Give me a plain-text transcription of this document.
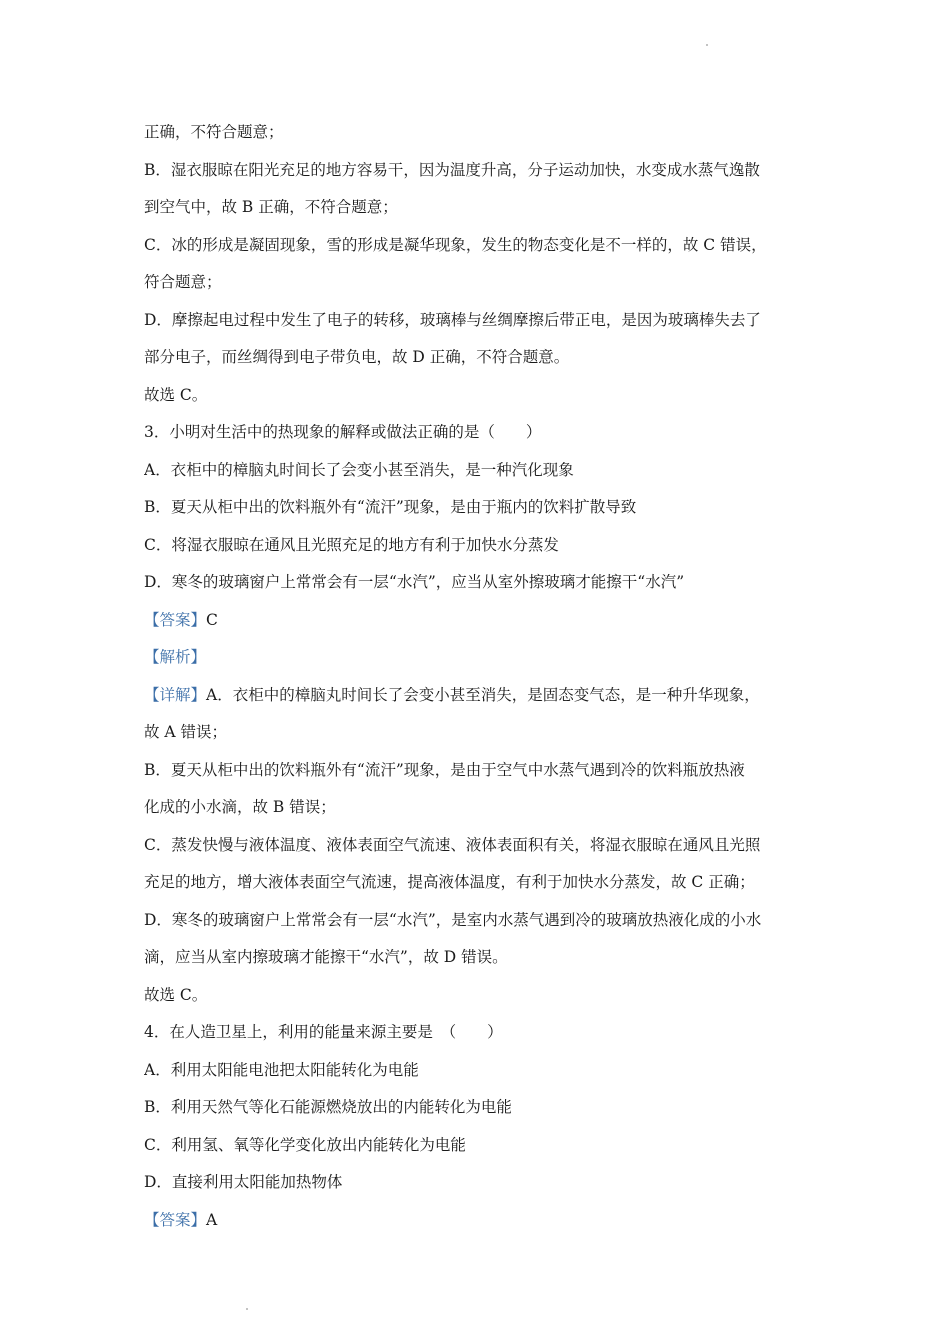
正确，不符合题意；
B．湿衣服晾在阳光充足的地方容易干，因为温度升高，分子运动加快，水变成水蒸气逸散
到空气中，故 B 正确，不符合题意；
C．冰的形成是凝固现象，雪的形成是凝华现象，发生的物态变化是不一样的，故 C 错误，
符合题意；
D．摩擦起电过程中发生了电子的转移，玻璃棒与丝绸摩擦后带正电，是因为玻璃棒失去了
部分电子，而丝绸得到电子带负电，故 D 正确，不符合题意。
故选 C。
3．小明对生活中的热现象的解释或做法正确的是（　　）
A．衣柜中的樟脑丸时间长了会变小甚至消失，是一种汽化现象
B．夏天从柜中出的饮料瓶外有“流汗”现象，是由于瓶内的饮料扩散导致
C．将湿衣服晾在通风且光照充足的地方有利于加快水分蒸发
D．寒冬的玻璃窗户上常常会有一层“水汽”，应当从室外擦玻璃才能擦干“水汽”
【答案】C
【解析】
【详解】A．衣柜中的樟脑丸时间长了会变小甚至消失，是固态变气态，是一种升华现象，
故 A 错误；
B．夏天从柜中出的饮料瓶外有“流汗”现象，是由于空气中水蒸气遇到冷的饮料瓶放热液
化成的小水滴，故 B 错误；
C．蒸发快慢与液体温度、液体表面空气流速、液体表面积有关，将湿衣服晾在通风且光照
充足的地方，增大液体表面空气流速，提高液体温度，有利于加快水分蒸发，故 C 正确；
D．寒冬的玻璃窗户上常常会有一层“水汽”，是室内水蒸气遇到冷的玻璃放热液化成的小水
滴，应当从室内擦玻璃才能擦干“水汽”，故 D 错误。
故选 C。
4．在人造卫星上，利用的能量来源主要是　（　　）
A．利用太阳能电池把太阳能转化为电能
B．利用天然气等化石能源燃烧放出的内能转化为电能
C．利用氢、氧等化学变化放出内能转化为电能
D．直接利用太阳能加热物体
【答案】A
